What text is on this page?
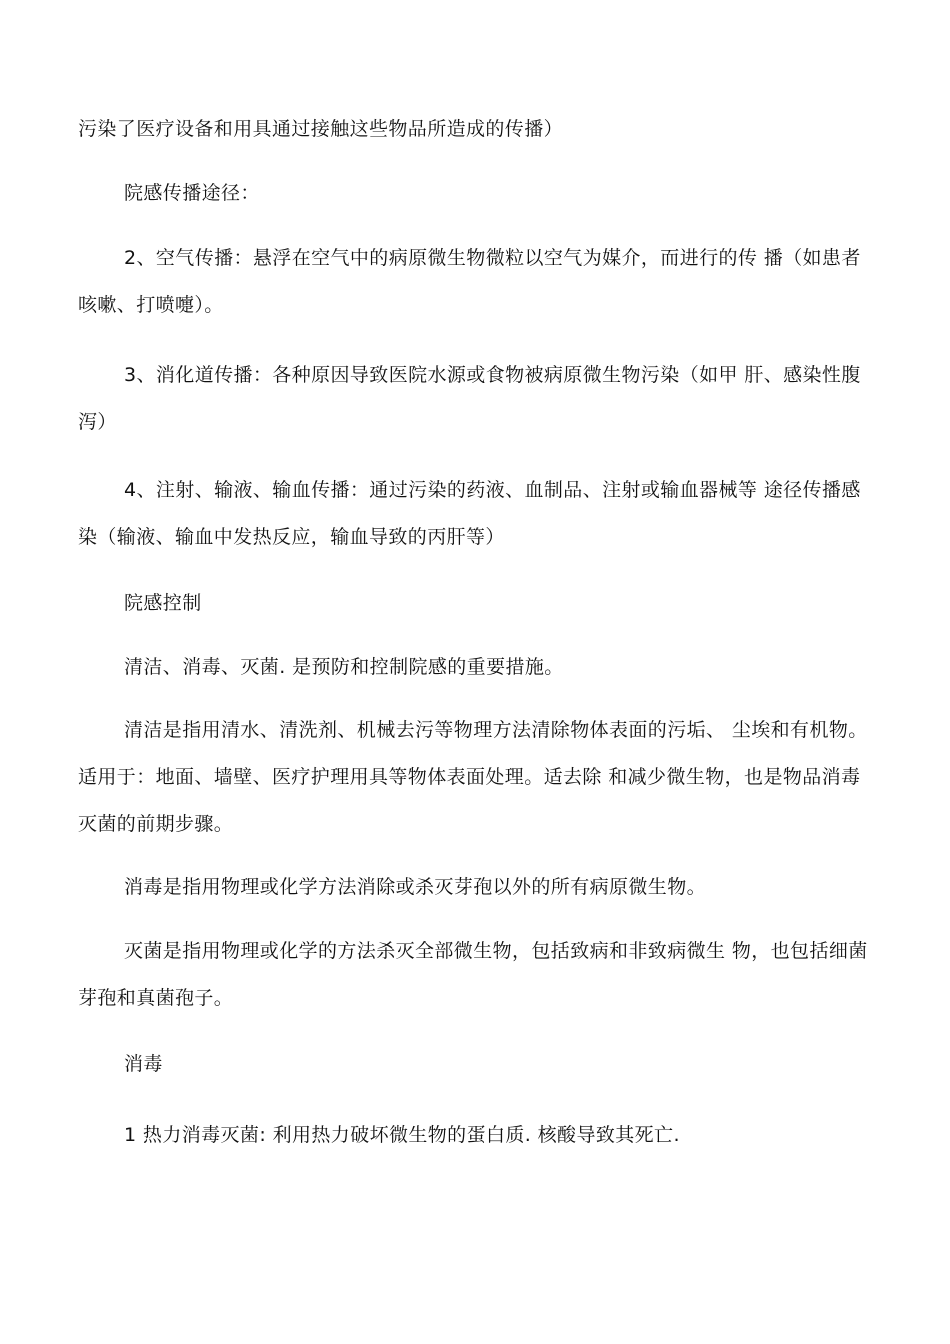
污染了医疗设备和用具通过接触这些物品所造成的传播）

院感传播途径：

2、空气传播：悬浮在空气中的病原微生物微粒以空气为媒介，而进行的传 播（如患者咳嗽、打喷嚏）。

3、消化道传播：各种原因导致医院水源或食物被病原微生物污染（如甲 肝、感染性腹泻）

4、注射、输液、输血传播：通过污染的药液、血制品、注射或输血器械等 途径传播感染（输液、输血中发热反应，输血导致的丙肝等）

院感控制

清洁、消毒、灭菌. 是预防和控制院感的重要措施。

清洁是指用清水、清洗剂、机械去污等物理方法清除物体表面的污垢、 尘埃和有机物。适用于：地面、墙壁、医疗护理用具等物体表面处理。适去除 和减少微生物，也是物品消毒灭菌的前期步骤。

消毒是指用物理或化学方法消除或杀灭芽孢以外的所有病原微生物。

灭菌是指用物理或化学的方法杀灭全部微生物，包括致病和非致病微生 物，也包括细菌芽孢和真菌孢子。

消毒

1 热力消毒灭菌: 利用热力破坏微生物的蛋白质. 核酸导致其死亡.
